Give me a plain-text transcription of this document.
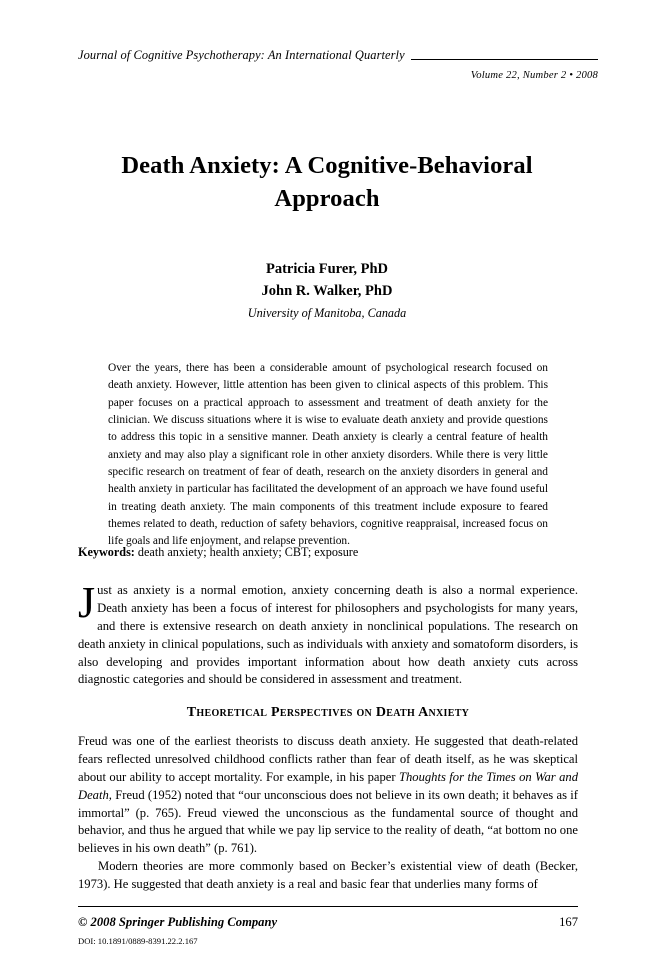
Journal of Cognitive Psychotherapy: An International Quarterly
Volume 22, Number 2 • 2008
Death Anxiety: A Cognitive-Behavioral Approach
Patricia Furer, PhD
John R. Walker, PhD
University of Manitoba, Canada
Over the years, there has been a considerable amount of psychological research focused on death anxiety. However, little attention has been given to clinical aspects of this problem. This paper focuses on a practical approach to assessment and treatment of death anxiety for the clinician. We discuss situations where it is wise to evaluate death anxiety and provide questions to address this topic in a sensitive manner. Death anxiety is clearly a central feature of health anxiety and may also play a significant role in other anxiety disorders. While there is very little specific research on treatment of fear of death, research on the anxiety disorders in general and health anxiety in particular has facilitated the development of an approach we have found useful in treating death anxiety. The main components of this treatment include exposure to feared themes related to death, reduction of safety behaviors, cognitive reappraisal, increased focus on life goals and life enjoyment, and relapse prevention.
Keywords: death anxiety; health anxiety; CBT; exposure
Just as anxiety is a normal emotion, anxiety concerning death is also a normal experience. Death anxiety has been a focus of interest for philosophers and psychologists for many years, and there is extensive research on death anxiety in nonclinical populations. The research on death anxiety in clinical populations, such as individuals with anxiety and somatoform disorders, is also developing and provides important information about how death anxiety cuts across diagnostic categories and should be considered in assessment and treatment.
Theoretical Perspectives on Death Anxiety

Freud was one of the earliest theorists to discuss death anxiety. He suggested that death-related fears reflected unresolved childhood conflicts rather than fear of death itself, as he was skeptical about our ability to accept mortality. For example, in his paper Thoughts for the Times on War and Death, Freud (1952) noted that “our unconscious does not believe in its own death; it behaves as if immortal” (p. 765). Freud viewed the unconscious as the fundamental source of thought and behavior, and thus he argued that while we pay lip service to the reality of death, “at bottom no one believes in his own death” (p. 761).

Modern theories are more commonly based on Becker’s existential view of death (Becker, 1973). He suggested that death anxiety is a real and basic fear that underlies many forms of

© 2008 Springer Publishing Company	167
DOI: 10.1891/0889-8391.22.2.167
